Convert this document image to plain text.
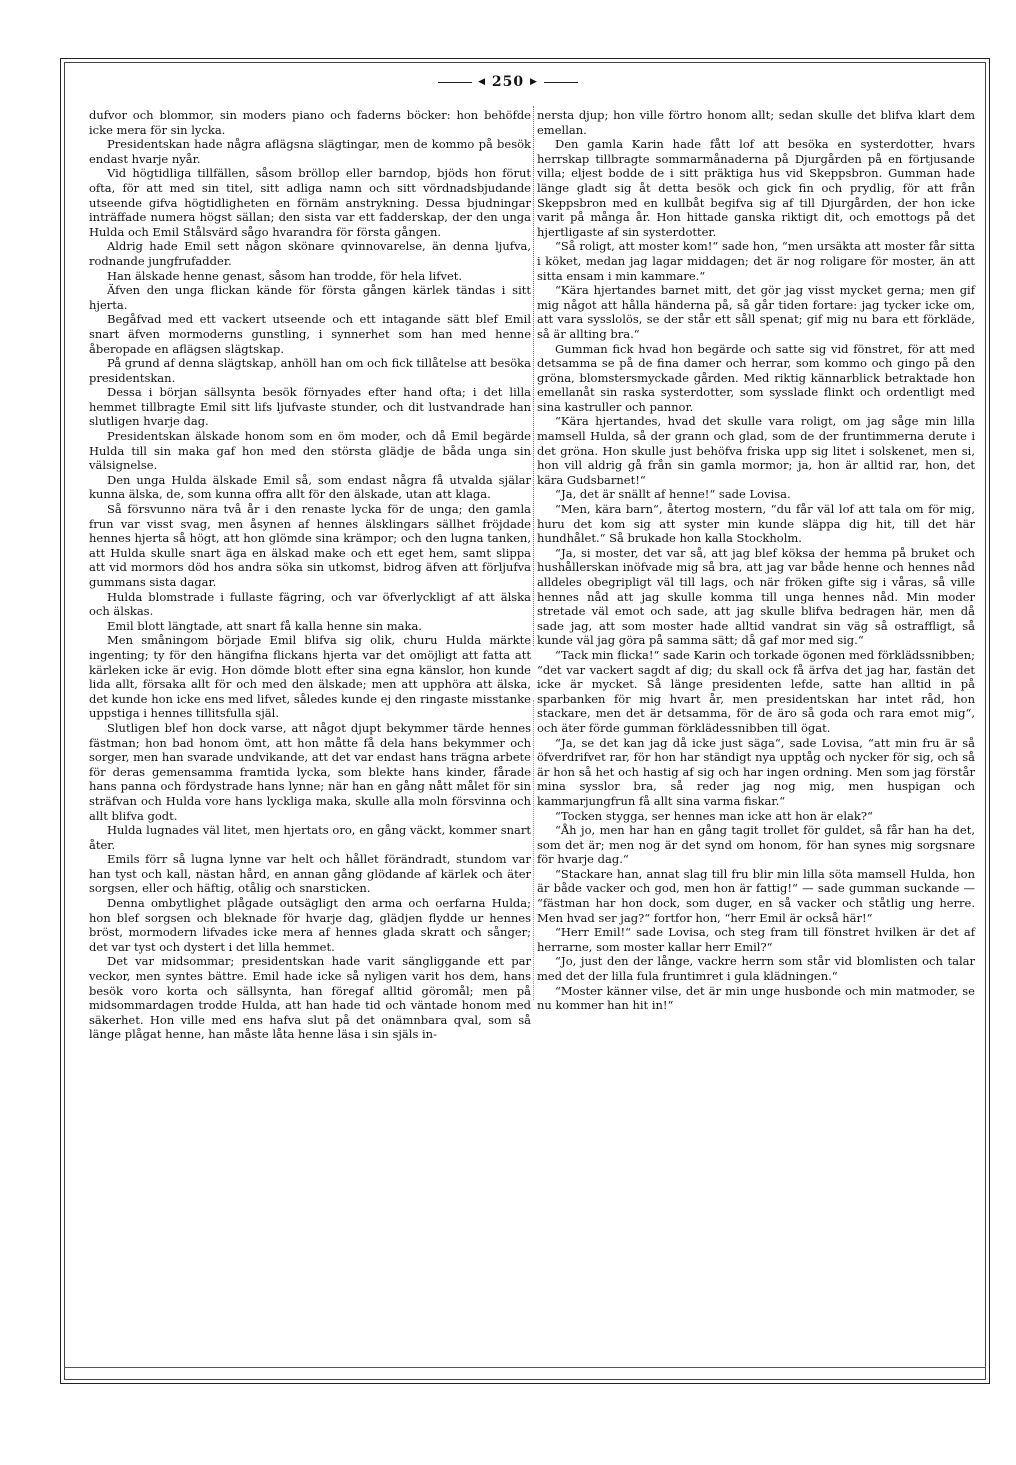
◀ 250 ▶

dufvor och blommor, sin moders piano och faderns böcker: hon behöfde icke mera för sin lycka.

Presidentskan hade några aflägsna slägtingar, men de kommo på besök endast hvarje nyår.

Vid högtidliga tillfällen, såsom bröllop eller barndop, bjöds hon förut ofta, för att med sin titel, sitt adliga namn och sitt vördnadsbjudande utseende gifva högtidligheten en förnäm anstrykning. Dessa bjudningar inträffade numera högst sällan; den sista var ett fadderskap, der den unga Hulda och Emil Stålsvärd sågo hvarandra för första gången.

Aldrig hade Emil sett någon skönare qvinnovarelse, än denna ljufva, rodnande jungfrufadder.

Han älskade henne genast, såsom han trodde, för hela lifvet.

Äfven den unga flickan kände för första gången kärlek tändas i sitt hjerta.

Begåfvad med ett vackert utseende och ett intagande sätt blef Emil snart äfven mormoderns gunstling, i synnerhet som han med henne åberopade en aflägsen slägtskap.

På grund af denna slägtskap, anhöll han om och fick tillåtelse att besöka presidentskan.

Dessa i början sällsynta besök förnyades efter hand ofta; i det lilla hemmet tillbragte Emil sitt lifs ljufvaste stunder, och dit lustvandrade han slutligen hvarje dag.

Presidentskan älskade honom som en öm moder, och då Emil begärde Hulda till sin maka gaf hon med den största glädje de båda unga sin välsignelse.

Den unga Hulda älskade Emil så, som endast några få utvalda själar kunna älska, de, som kunna offra allt för den älskade, utan att klaga.

Så försvunno nära två år i den renaste lycka för de unga; den gamla frun var visst svag, men åsynen af hennes älsklingars sällhet fröjdade hennes hjerta så högt, att hon glömde sina krämpor; och den lugna tanken, att Hulda skulle snart äga en älskad make och ett eget hem, samt slippa att vid mormors död hos andra söka sin utkomst, bidrog äfven att förljufva gummans sista dagar.

Hulda blomstrade i fullaste fägring, och var öfverlyckligt af att älska och älskas.

Emil blott längtade, att snart få kalla henne sin maka.

Men småningom började Emil blifva sig olik, churu Hulda märkte ingenting; ty för den hängifna flickans hjerta var det omöjligt att fatta att kärleken icke är evig. Hon dömde blott efter sina egna känslor, hon kunde lida allt, försaka allt för och med den älskade; men att upphöra att älska, det kunde hon icke ens med lifvet, således kunde ej den ringaste misstanke uppstiga i hennes tillitsfulla själ.

Slutligen blef hon dock varse, att något djupt bekymmer tärde hennes fästman; hon bad honom ömt, att hon måtte få dela hans bekymmer och sorger, men han svarade undvikande, att det var endast hans trägna arbete för deras gemensamma framtida lycka, som blekte hans kinder, fårade hans panna och fördystrade hans lynne; när han en gång nått målet för sin sträfvan och Hulda vore hans lyckliga maka, skulle alla moln försvinna och allt blifva godt.

Hulda lugnades väl litet, men hjertats oro, en gång väckt, kommer snart åter.

Emils förr så lugna lynne var helt och hållet förändradt, stundom var han tyst och kall, nästan hård, en annan gång glödande af kärlek och äter sorgsen, eller och häftig, otålig och snarsticken.

Denna ombytlighet plågade outsägligt den arma och oerfarna Hulda; hon blef sorgsen och bleknade för hvarje dag, glädjen flydde ur hennes bröst, mormodern lifvades icke mera af hennes glada skratt och sånger; det var tyst och dystert i det lilla hemmet.

Det var midsommar; presidentskan hade varit sängliggande ett par veckor, men syntes bättre. Emil hade icke så nyligen varit hos dem, hans besök voro korta och sällsynta, han föregaf alltid göromål; men på midsommardagen trodde Hulda, att han hade tid och väntade honom med säkerhet. Hon ville med ens hafva slut på det onämnbara qval, som så länge plågat henne, han måste låta henne läsa i sin själs in-

nersta djup; hon ville förtro honom allt; sedan skulle det blifva klart dem emellan.

Den gamla Karin hade fått lof att besöka en systerdotter, hvars herrskap tillbragte sommarmånaderna på Djurgården på en förtjusande villa; eljest bodde de i sitt präktiga hus vid Skeppsbron. Gumman hade länge gladt sig åt detta besök och gick fin och prydlig, för att från Skeppsbron med en kullbåt begifva sig af till Djurgården, der hon icke varit på många år. Hon hittade ganska riktigt dit, och emottogs på det hjertligaste af sin systerdotter.

“Så roligt, att moster kom!“ sade hon, “men ursäkta att moster får sitta i köket, medan jag lagar middagen; det är nog roligare för moster, än att sitta ensam i min kammare.“

“Kära hjertandes barnet mitt, det gör jag visst mycket gerna; men gif mig något att hålla händerna på, så går tiden fortare: jag tycker icke om, att vara sysslolös, se der står ett såll spenat; gif mig nu bara ett förkläde, så är allting bra.“

Gumman fick hvad hon begärde och satte sig vid fönstret, för att med detsamma se på de fina damer och herrar, som kommo och gingo på den gröna, blomstersmyckade gården. Med riktig kännarblick betraktade hon emellanåt sin raska systerdotter, som sysslade flinkt och ordentligt med sina kastruller och pannor.

“Kära hjertandes, hvad det skulle vara roligt, om jag såge min lilla mamsell Hulda, så der grann och glad, som de der fruntimmerna derute i det gröna. Hon skulle just behöfva friska upp sig litet i solskenet, men si, hon vill aldrig gå från sin gamla mormor; ja, hon är alltid rar, hon, det kära Gudsbarnet!“

“Ja, det är snällt af henne!“ sade Lovisa.

“Men, kära barn“, återtog mostern, “du får väl lof att tala om för mig, huru det kom sig att syster min kunde släppa dig hit, till det här hundhålet.“ Så brukade hon kalla Stockholm.

“Ja, si moster, det var så, att jag blef köksa der hemma på bruket och hushållerskan inöfvade mig så bra, att jag var både henne och hennes nåd alldeles obegripligt väl till lags, och när fröken gifte sig i våras, så ville hennes nåd att jag skulle komma till unga hennes nåd. Min moder stretade väl emot och sade, att jag skulle blifva bedragen här, men då sade jag, att som moster hade alltid vandrat sin väg så ostraffligt, så kunde väl jag göra på samma sätt; då gaf mor med sig.“

“Tack min flicka!“ sade Karin och torkade ögonen med förklädssnibben; “det var vackert sagdt af dig; du skall ock få ärfva det jag har, fastän det icke är mycket. Så länge presidenten lefde, satte han alltid in på sparbanken för mig hvart år, men presidentskan har intet råd, hon stackare, men det är detsamma, för de äro så goda och rara emot mig“, och äter förde gumman förklädessnibben till ögat.

“Ja, se det kan jag då icke just säga“, sade Lovisa, “att min fru är så öfverdrifvet rar, för hon har ständigt nya upptåg och nycker för sig, och så är hon så het och hastig af sig och har ingen ordning. Men som jag förstår mina sysslor bra, så reder jag nog mig, men huspigan och kammarjungfrun få allt sina varma fiskar.“

“Tocken stygga, ser hennes man icke att hon är elak?“

“Åh jo, men har han en gång tagit trollet för guldet, så får han ha det, som det är; men nog är det synd om honom, för han synes mig sorgsnare för hvarje dag.“

“Stackare han, annat slag till fru blir min lilla söta mamsell Hulda, hon är både vacker och god, men hon är fattig!“ — sade gumman suckande — “fästman har hon dock, som duger, en så vacker och ståtlig ung herre. Men hvad ser jag?“ fortfor hon, “herr Emil är också här!“

“Herr Emil!“ sade Lovisa, och steg fram till fönstret hvilken är det af herrarne, som moster kallar herr Emil?“

“Jo, just den der långe, vackre herrn som står vid blomlisten och talar med det der lilla fula fruntimret i gula klädningen.“

“Moster känner vilse, det är min unge husbonde och min matmoder, se nu kommer han hit in!“
